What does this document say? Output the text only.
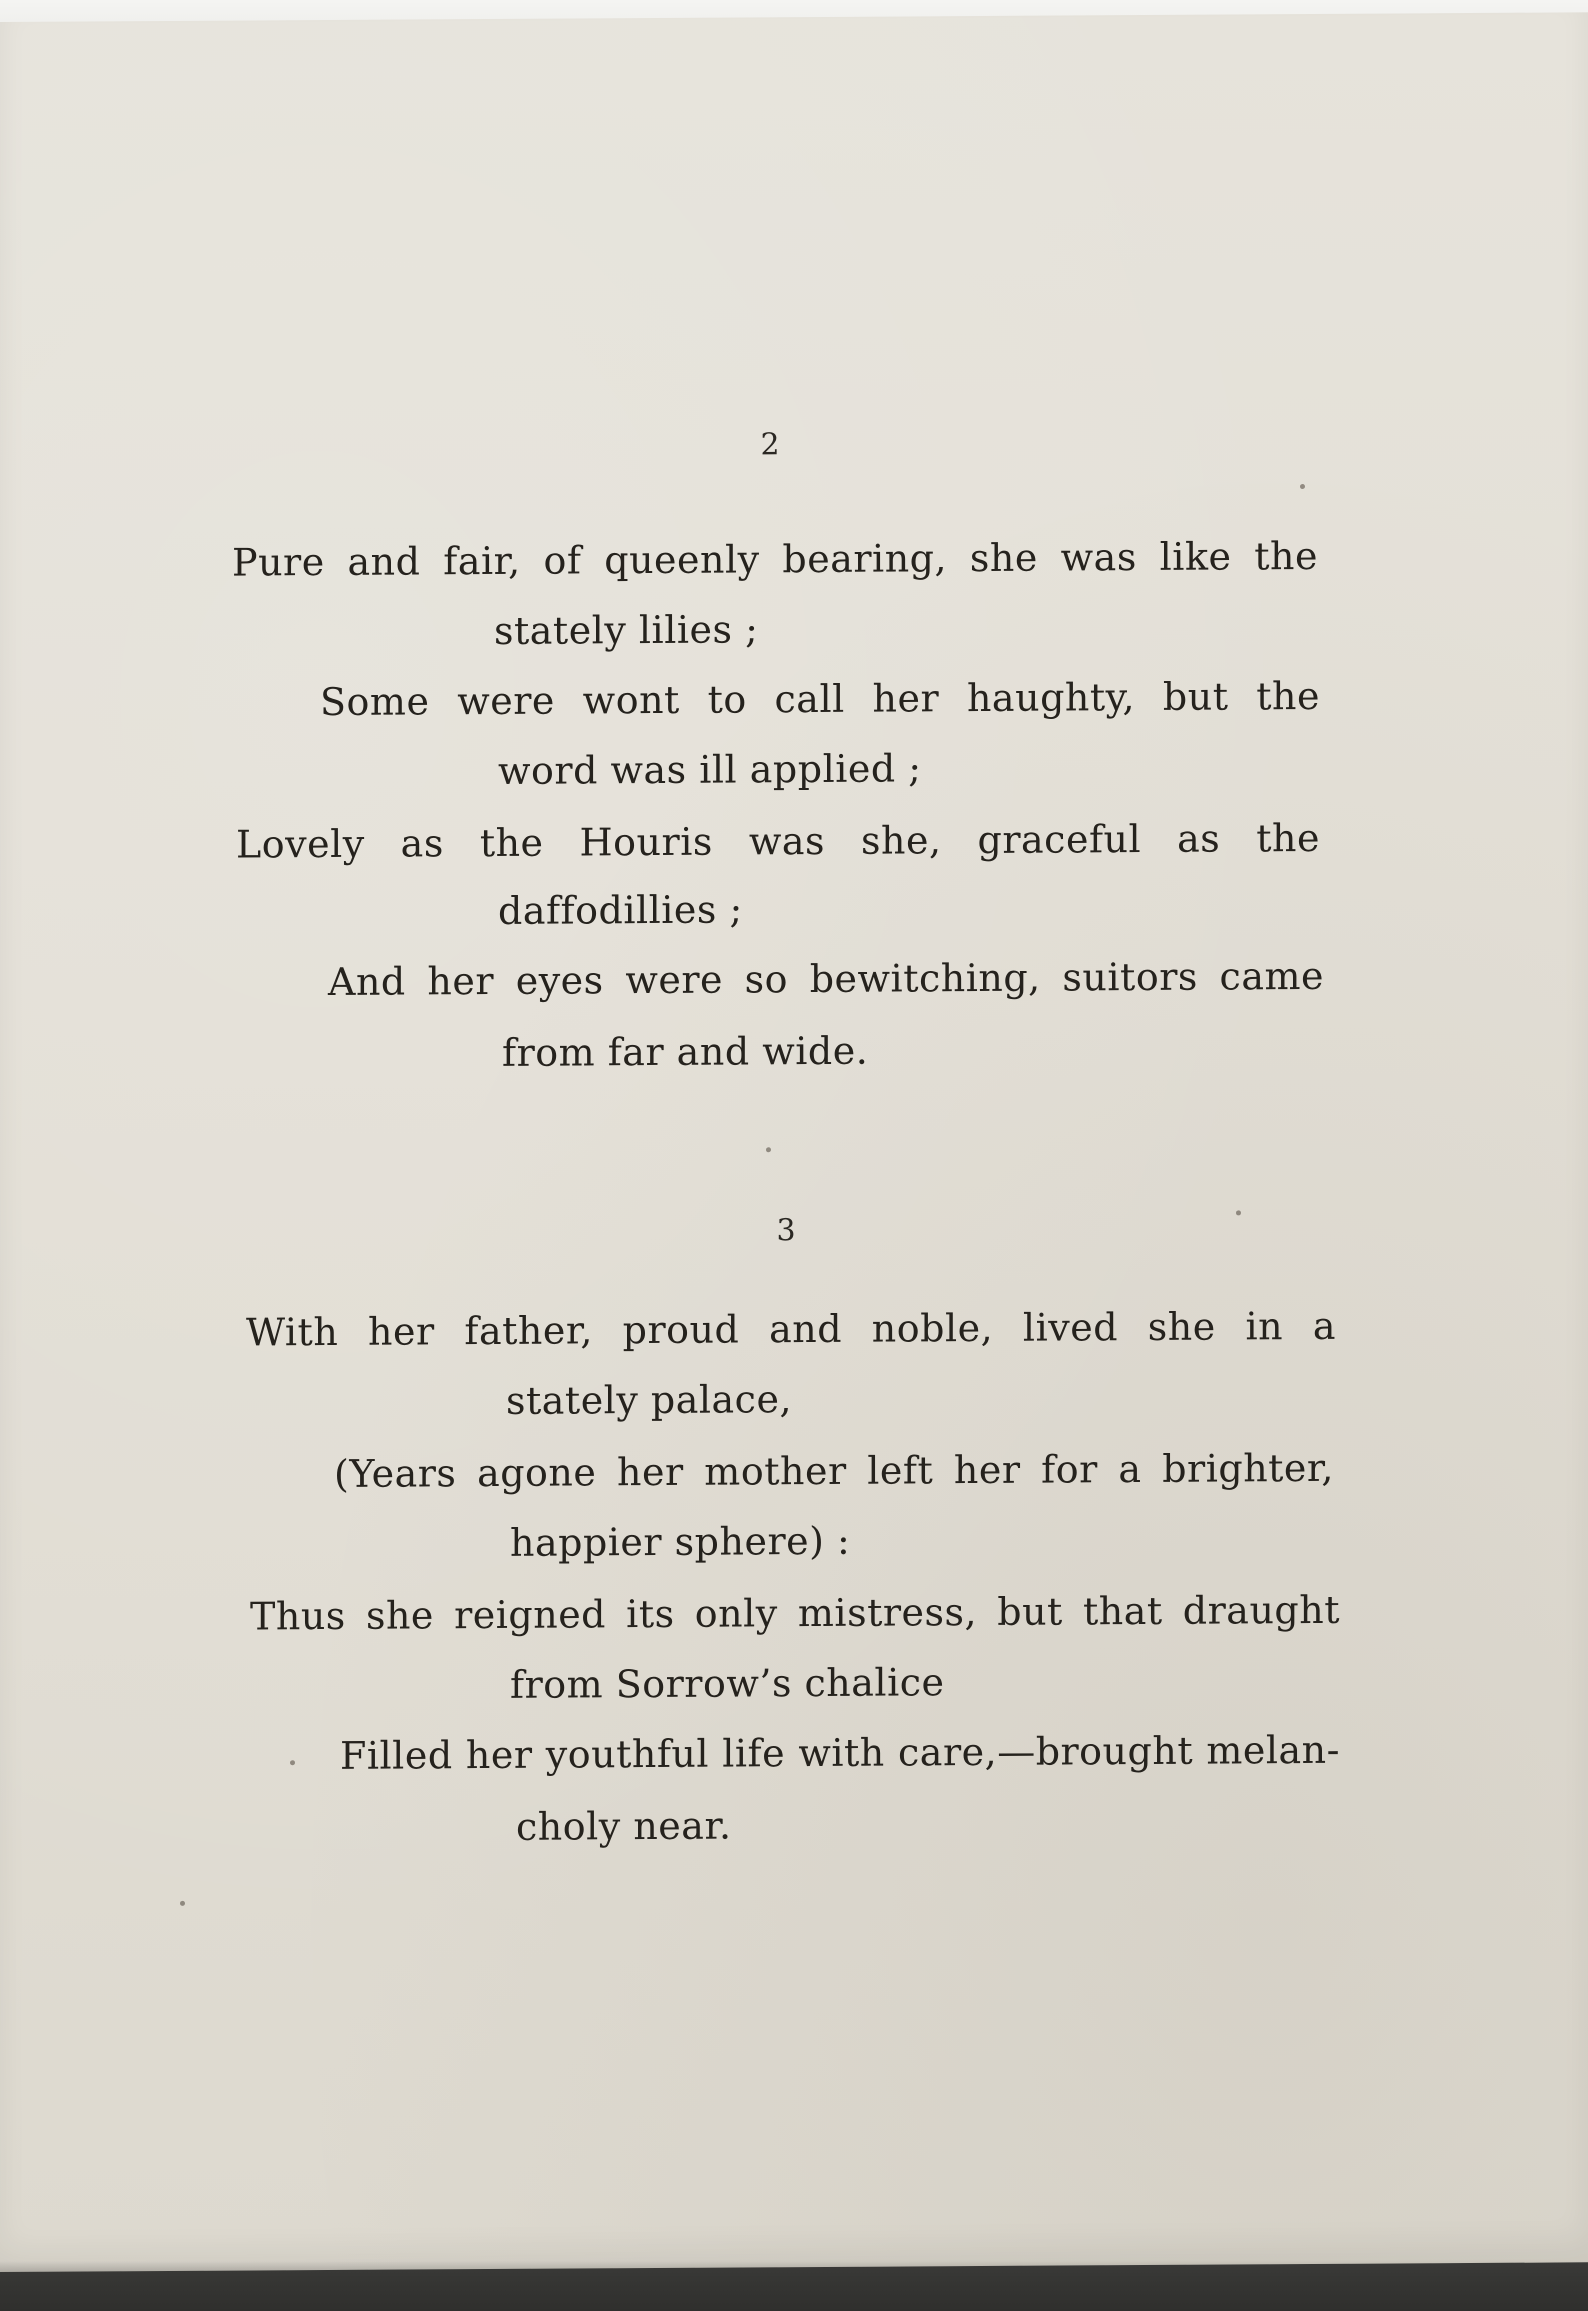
2
Pure and fair, of queenly bearing, she was like the
stately lilies ;
Some were wont to call her haughty, but the
word was ill applied ;
Lovely as the Houris was she, graceful as the
daffodillies ;
And her eyes were so bewitching, suitors came
from far and wide.
3
With her father, proud and noble, lived she in a
stately palace,
(Years agone her mother left her for a brighter,
happier sphere) :
Thus she reigned its only mistress, but that draught
from Sorrow’s chalice
Filled her youthful life with care,—brought melan-
choly near.
